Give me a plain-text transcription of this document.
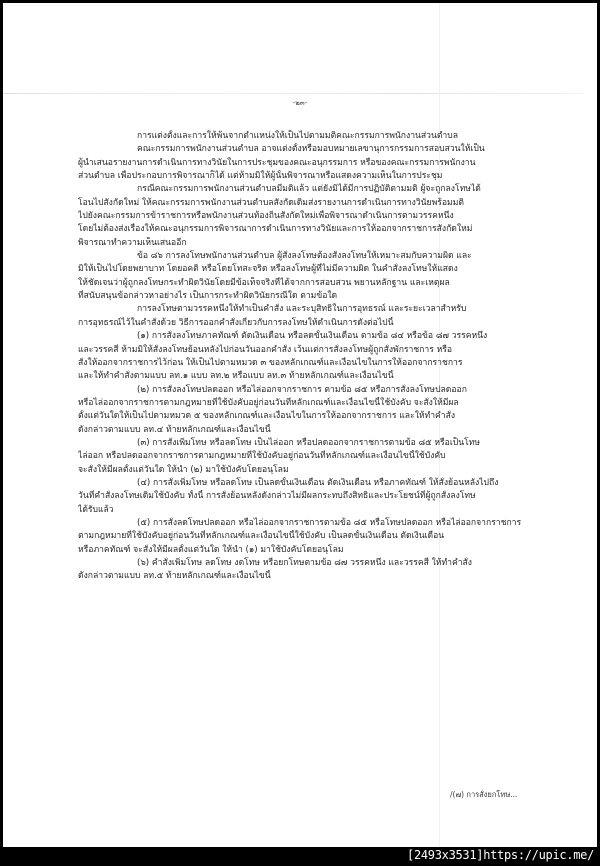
-๒๓-
การแต่งตั้งและการให้พ้นจากตำแหน่งให้เป็นไปตามมติคณะกรรมการพนักงานส่วนตำบล
คณะกรรมการพนักงานส่วนตำบล อาจแต่งตั้งหรือมอบหมายเลขานุการกรรมการสอบสวนให้เป็น
ผู้นำเสนอรายงานการดำเนินการทางวินัยในการประชุมของคณะอนุกรรมการ หรือของคณะกรรมการพนักงาน
ส่วนตำบล เพื่อประกอบการพิจารณาก็ได้ แต่ห้ามมิให้ผู้นั้นพิจารณาหรือแสดงความเห็นในการประชุม
กรณีคณะกรรมการพนักงานส่วนตำบลมีมติแล้ว แต่ยังมิได้มีการปฏิบัติตามมติ ผู้จะถูกลงโทษได้
โอนไปสังกัดใหม่ ให้คณะกรรมการพนักงานส่วนตำบลสังกัดเดิมส่งรายงานการดำเนินการทางวินัยพร้อมมติ
ไปยังคณะกรรมการข้าราชการหรือพนักงานส่วนท้องถิ่นสังกัดใหม่เพื่อพิจารณาดำเนินการตามวรรคหนึ่ง
โดยไม่ต้องส่งเรื่องให้คณะอนุกรรมการพิจารณาการดำเนินการทางวินัยและการให้ออกจากราชการสังกัดใหม่
พิจารณาทำความเห็นเสนออีก
ข้อ ๘๖ การลงโทษพนักงานส่วนตำบล ผู้สั่งลงโทษต้องสั่งลงโทษให้เหมาะสมกับความผิด และ
มิให้เป็นไปโดยพยาบาท โดยอคติ หรือโดยโทสะจริต หรือลงโทษผู้ที่ไม่มีความผิด ในคำสั่งลงโทษให้แสดง
ให้ชัดเจนว่าผู้ถูกลงโทษกระทำผิดวินัยโดยมีข้อเท็จจริงที่ได้จากการสอบสวน พยานหลักฐาน และเหตุผล
ที่สนับสนุนข้อกล่าวหาอย่างไร เป็นการกระทำผิดวินัยกรณีใด ตามข้อใด
การลงโทษตามวรรคหนึ่งให้ทำเป็นคำสั่ง และระบุสิทธิในการอุทธรณ์ และระยะเวลาสำหรับ
การอุทธรณ์ไว้ในคำสั่งด้วย วิธีการออกคำสั่งเกี่ยวกับการลงโทษให้ดำเนินการดังต่อไปนี้
(๑) การสั่งลงโทษภาคทัณฑ์ ตัดเงินเดือน หรือลดขั้นเงินเดือน ตามข้อ ๘๔ หรือข้อ ๘๗ วรรคหนึ่ง
และวรรคสี่ ห้ามมิให้สั่งลงโทษย้อนหลังไปก่อนวันออกคำสั่ง เว้นแต่การสั่งลงโทษผู้ถูกสั่งพักราชการ หรือ
สั่งให้ออกจากราชการไว้ก่อน ให้เป็นไปตามหมวด ๓ ของหลักเกณฑ์และเงื่อนไขในการให้ออกจากราชการ
และให้ทำคำสั่งตามแบบ ลท.๑ แบบ ลท.๒ หรือแบบ ลท.๓ ท้ายหลักเกณฑ์และเงื่อนไขนี้
(๒) การสั่งลงโทษปลดออก หรือไล่ออกจากราชการ ตามข้อ ๘๕ หรือการสั่งลงโทษปลดออก
หรือไล่ออกจากราชการตามกฎหมายที่ใช้บังคับอยู่ก่อนวันที่หลักเกณฑ์และเงื่อนไขนี้ใช้บังคับ จะสั่งให้มีผล
ตั้งแต่วันใดให้เป็นไปตามหมวด ๕ ของหลักเกณฑ์และเงื่อนไขในการให้ออกจากราชการ และให้ทำคำสั่ง
ดังกล่าวตามแบบ ลท.๔ ท้ายหลักเกณฑ์และเงื่อนไขนี้
(๓) การสั่งเพิ่มโทษ หรือลดโทษ เป็นไล่ออก หรือปลดออกจากราชการตามข้อ ๘๕ หรือเป็นโทษ
ไล่ออก หรือปลดออกจากราชการตามกฎหมายที่ใช้บังคับอยู่ก่อนวันที่หลักเกณฑ์และเงื่อนไขนี้ใช้บังคับ
จะสั่งให้มีผลตั้งแต่วันใด ให้นำ (๒) มาใช้บังคับโดยอนุโลม
(๔) การสั่งเพิ่มโทษ หรือลดโทษ เป็นลดขั้นเงินเดือน ตัดเงินเดือน หรือภาคทัณฑ์ ให้สั่งย้อนหลังไปถึง
วันที่คำสั่งลงโทษเดิมใช้บังคับ ทั้งนี้ การสั่งย้อนหลังดังกล่าวไม่มีผลกระทบถึงสิทธิและประโยชน์ที่ผู้ถูกสั่งลงโทษ
ได้รับแล้ว
(๕) การสั่งลดโทษปลดออก หรือไล่ออกจากราชการตามข้อ ๘๕ หรือโทษปลดออก หรือไล่ออกจากราชการ
ตามกฎหมายที่ใช้บังคับอยู่ก่อนวันที่หลักเกณฑ์และเงื่อนไขนี้ใช้บังคับ เป็นลดขั้นเงินเดือน ตัดเงินเดือน
หรือภาคทัณฑ์ จะสั่งให้มีผลตั้งแต่วันใด ให้นำ (๑) มาใช้บังคับโดยอนุโลม
(๖) คำสั่งเพิ่มโทษ ลดโทษ งดโทษ หรือยกโทษตามข้อ ๘๗ วรรคหนึ่ง และวรรคสี่ ให้ทำคำสั่ง
ดังกล่าวตามแบบ ลท.๕ ท้ายหลักเกณฑ์และเงื่อนไขนี้
/(๗) การสั่งยกโทษ...
[2493x3531]https://upic.me/
